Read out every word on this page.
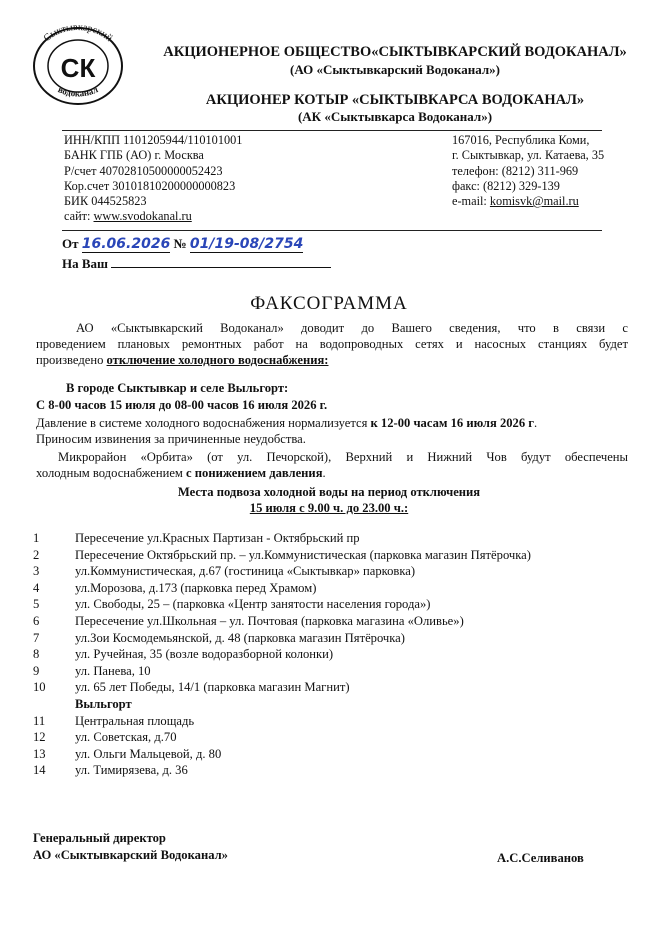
Сыктывкарский
водоканал
СК
АКЦИОНЕРНОЕ ОБЩЕСТВО«СЫКТЫВКАРСКИЙ ВОДОКАНАЛ»
(АО «Сыктывкарский Водоканал»)
АКЦИОНЕР КОТЫР «СЫКТЫВКАРСА ВОДОКАНАЛ»
(АК «Сыктывкарса Водоканал»)
ИНН/КПП 1101205944/110101001
БАНК ГПБ (АО) г. Москва
Р/счет 40702810500000052423
Кор.счет 30101810200000000823
БИК 044525823
сайт: www.svodokanal.ru
167016, Республика Коми,
г. Сыктывкар, ул. Катаева, 35
телефон: (8212) 311-969
факс: (8212) 329-139
e-mail: komisvk@mail.ru
От 16.06.2026 № 01/19-08/2754
На Ваш
ФАКСОГРАММА
АО «Сыктывкарский Водоканал» доводит до Вашего сведения, что в связи с
проведением плановых ремонтных работ на водопроводных сетях и насосных станциях будет
произведено отключение холодного водоснабжения:
В городе Сыктывкар и селе Выльгорт:
С 8-00 часов 15 июля до 08-00 часов 16 июля 2026 г.
Давление в системе холодного водоснабжения нормализуется к 12-00 часам 16 июля 2026 г.
Приносим извинения за причиненные неудобства.
Микрорайон «Орбита» (от ул. Печорской), Верхний и Нижний Чов будут обеспечены
холодным водоснабжением с понижением давления.
Места подвоза холодной воды на период отключения
15 июля с 9.00 ч. до 23.00 ч.:
1	Пересечение ул.Красных Партизан - Октябрьский пр
2	Пересечение Октябрьский пр. – ул.Коммунистическая (парковка магазин Пятёрочка)
3	ул.Коммунистическая, д.67 (гостиница «Сыктывкар» парковка)
4	ул.Морозова, д.173 (парковка перед Храмом)
5	ул. Свободы, 25 – (парковка «Центр занятости населения города»)
6	Пересечение ул.Школьная – ул. Почтовая (парковка магазина «Оливье»)
7	ул.Зои Космодемьянской, д. 48 (парковка магазин Пятёрочка)
8	ул. Ручейная, 35 (возле водоразборной колонки)
9	ул. Панева, 10
10	ул. 65 лет Победы, 14/1 (парковка магазин Магнит)
Выльгорт
11	Центральная площадь
12	ул. Советская, д.70
13	ул. Ольги Мальцевой, д. 80
14	ул. Тимирязева, д. 36
Генеральный директор
АО «Сыктывкарский Водоканал»	А.С.Селиванов
